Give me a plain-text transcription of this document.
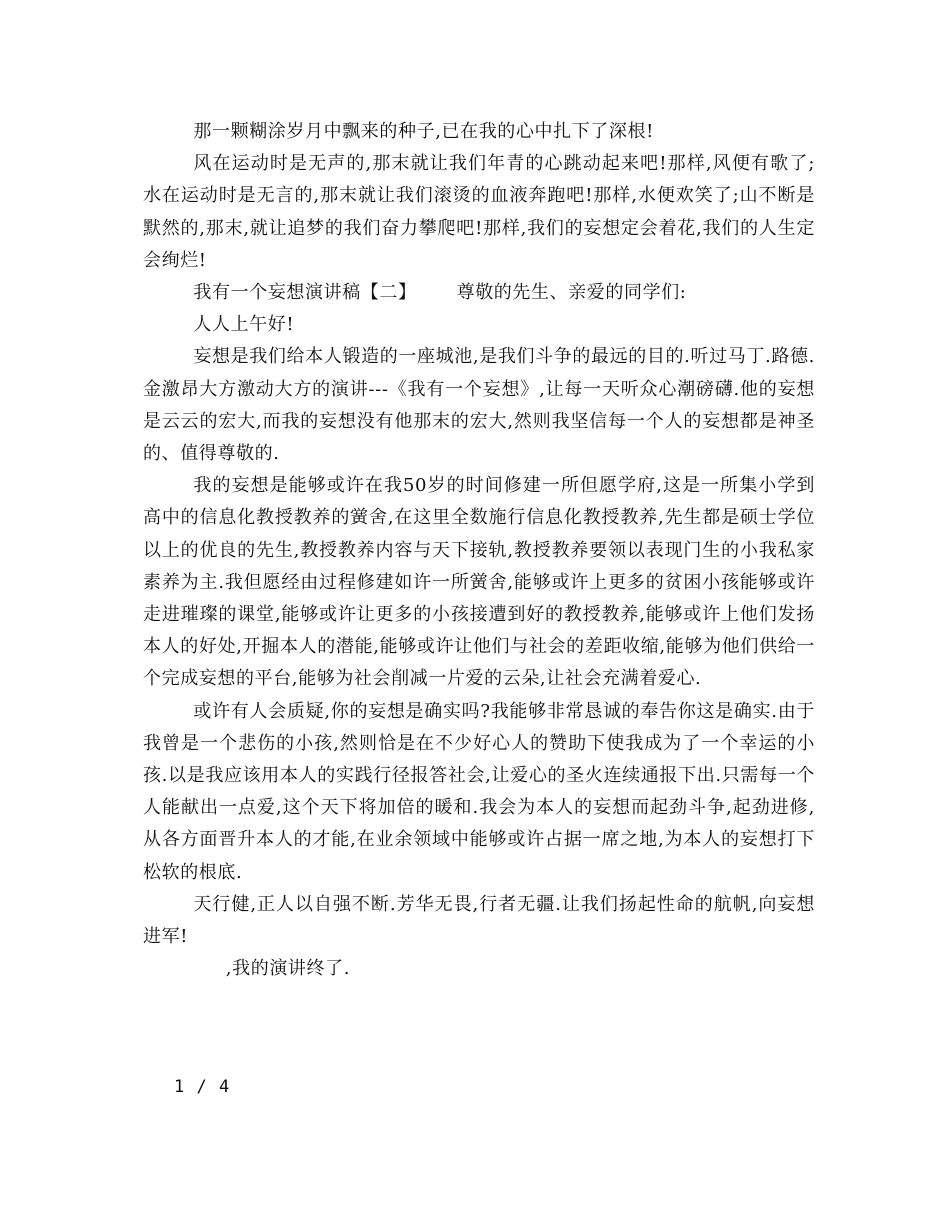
那一颗糊涂岁月中飘来的种子,已在我的心中扎下了深根!

风在运动时是无声的,那末就让我们年青的心跳动起来吧!那样,风便有歌了;水在运动时是无言的,那末就让我们滚烫的血液奔跑吧!那样,水便欢笑了;山不断是默然的,那末,就让追梦的我们奋力攀爬吧!那样,我们的妄想定会着花,我们的人生定会绚烂!

我有一个妄想演讲稿【二】 尊敬的先生、亲爱的同学们:

人人上午好!

妄想是我们给本人锻造的一座城池,是我们斗争的最远的目的.听过马丁.路德.金激昂大方激动大方的演讲---《我有一个妄想》,让每一天听众心潮磅礴.他的妄想是云云的宏大,而我的妄想没有他那末的宏大,然则我坚信每一个人的妄想都是神圣的、值得尊敬的.

我的妄想是能够或许在我50岁的时间修建一所但愿学府,这是一所集小学到高中的信息化教授教养的黉舍,在这里全数施行信息化教授教养,先生都是硕士学位以上的优良的先生,教授教养内容与天下接轨,教授教养要领以表现门生的小我私家素养为主.我但愿经由过程修建如许一所黉舍,能够或许上更多的贫困小孩能够或许走进璀璨的课堂,能够或许让更多的小孩接遭到好的教授教养,能够或许上他们发扬本人的好处,开掘本人的潜能,能够或许让他们与社会的差距收缩,能够为他们供给一个完成妄想的平台,能够为社会削减一片爱的云朵,让社会充满着爱心.

或许有人会质疑,你的妄想是确实吗?我能够非常恳诚的奉告你这是确实.由于我曾是一个悲伤的小孩,然则恰是在不少好心人的赞助下使我成为了一个幸运的小孩.以是我应该用本人的实践行径报答社会,让爱心的圣火连续通报下出.只需每一个人能献出一点爱,这个天下将加倍的暖和.我会为本人的妄想而起劲斗争,起劲进修,从各方面晋升本人的才能,在业余领域中能够或许占据一席之地,为本人的妄想打下松软的根底.

天行健,正人以自强不断.芳华无畏,行者无疆.让我们扬起性命的航帆,向妄想进军!

,我的演讲终了.

1 / 4
